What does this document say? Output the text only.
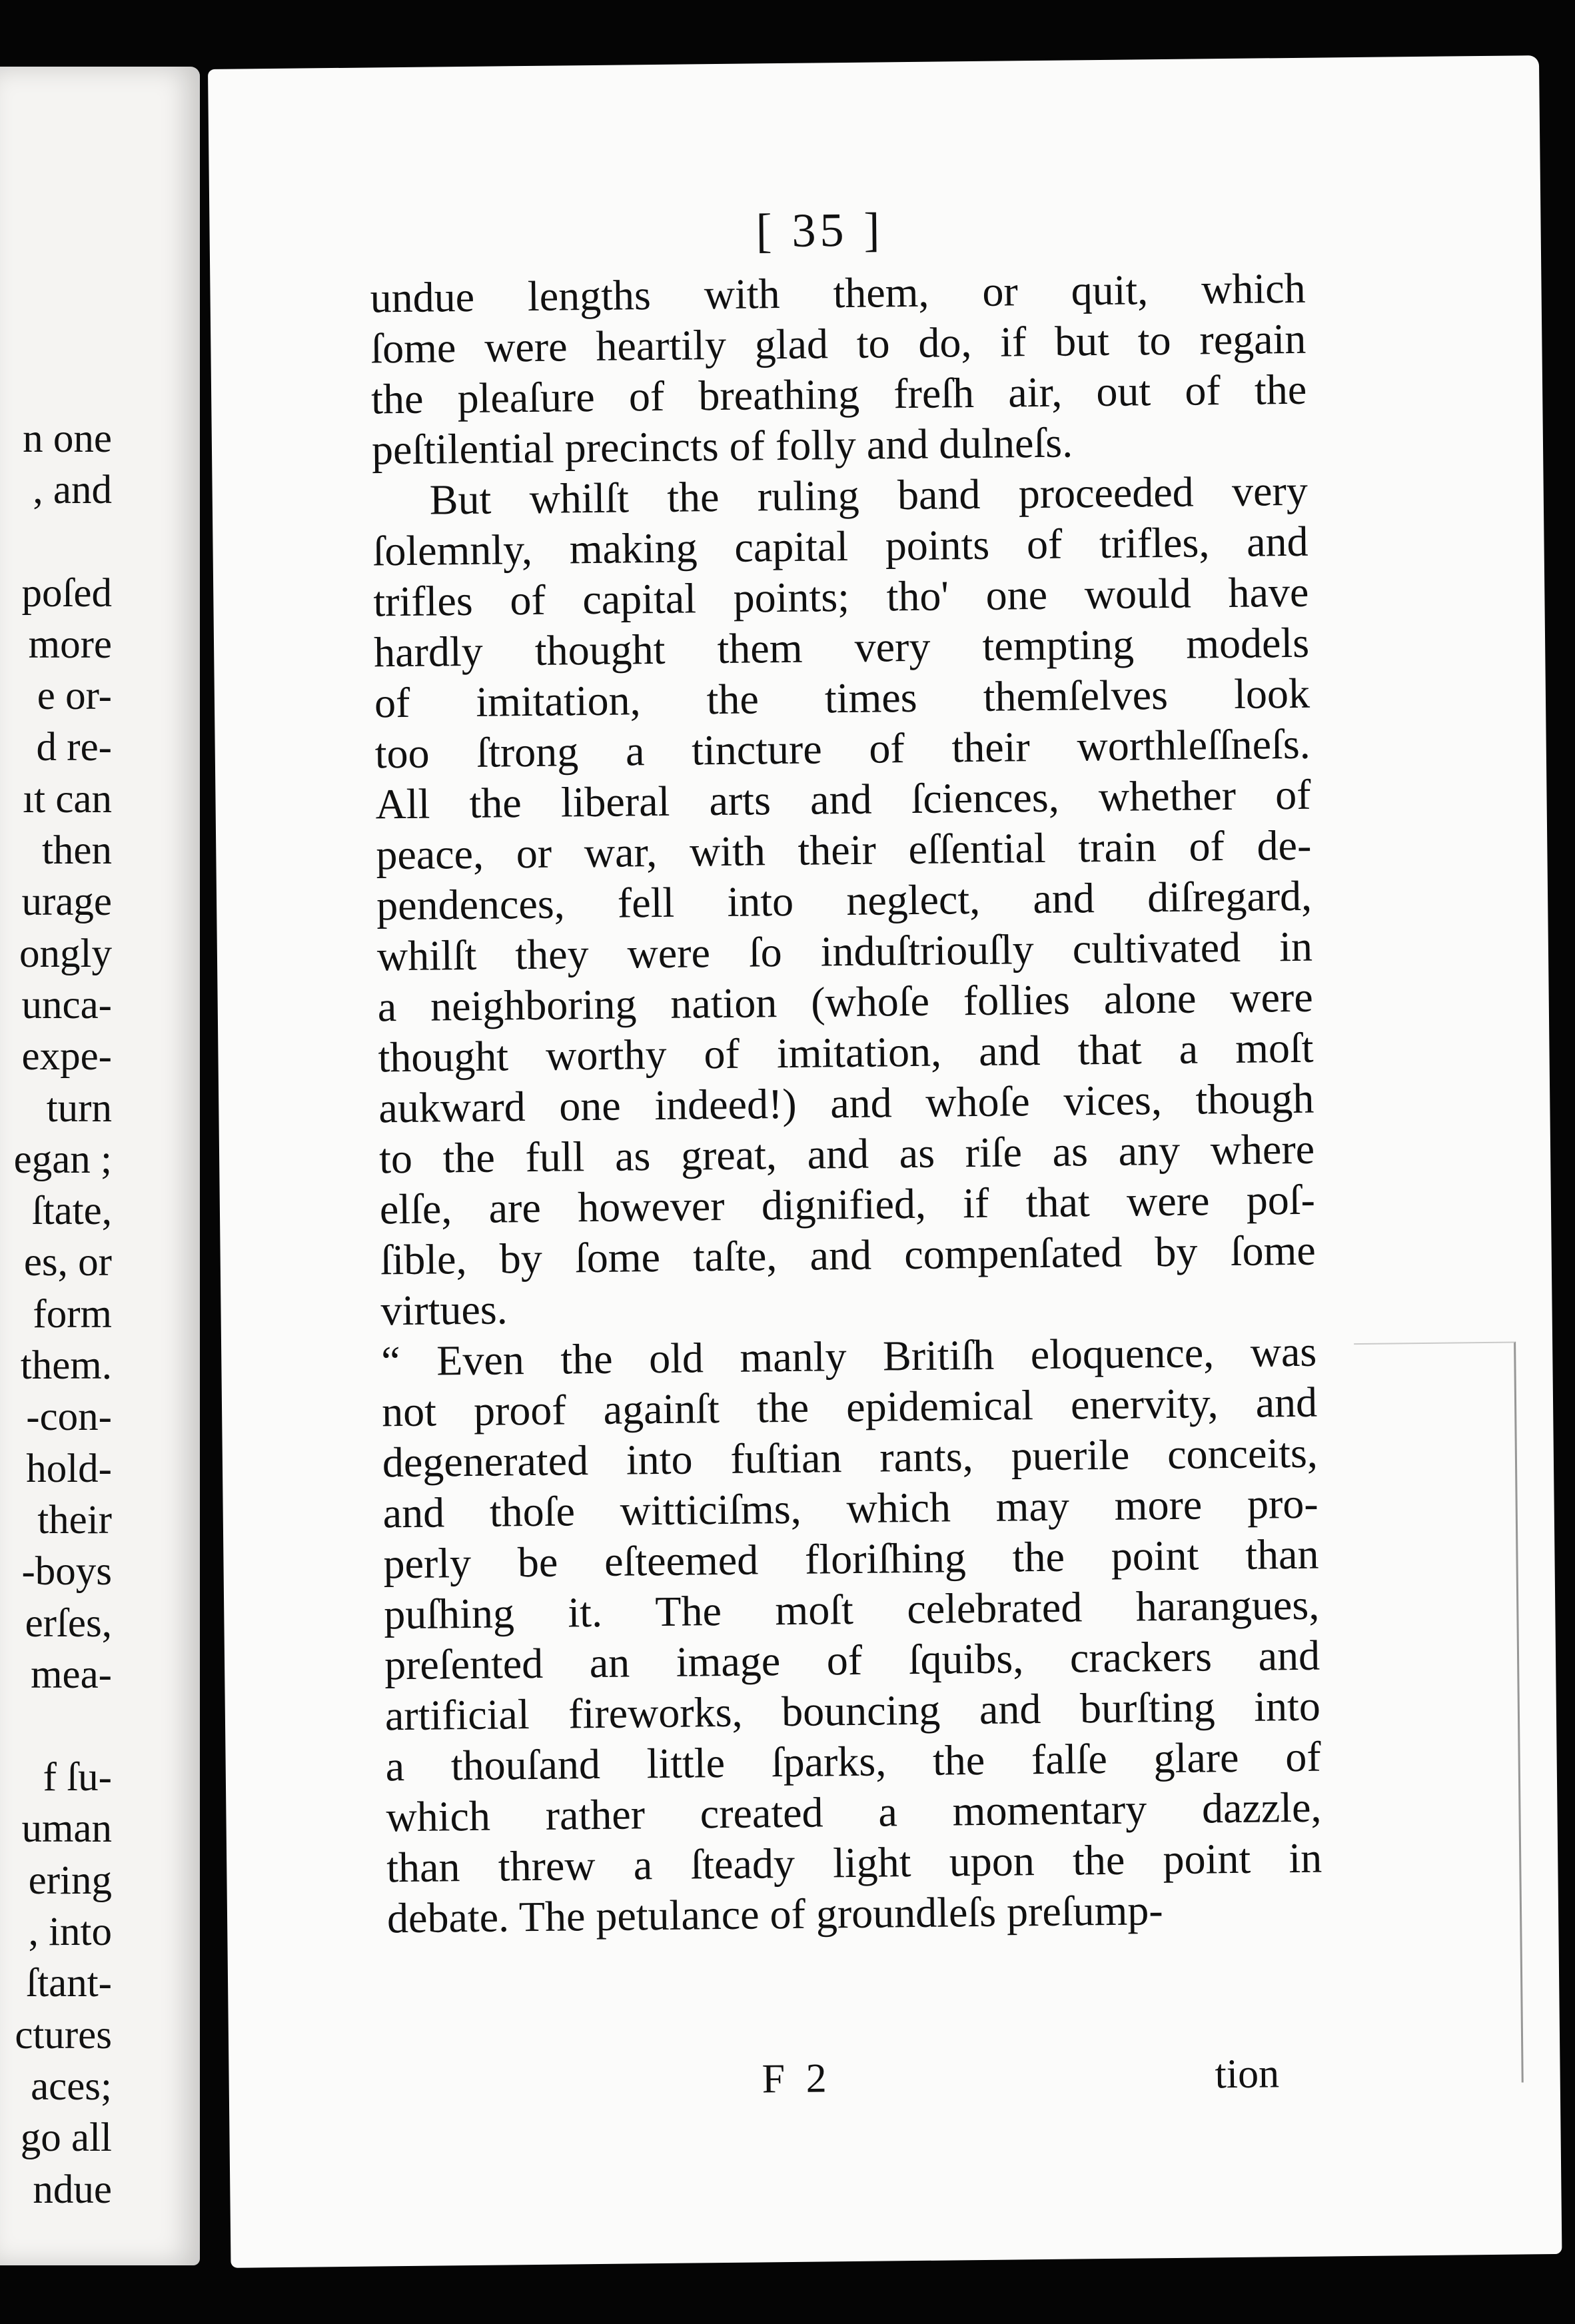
n one
, and
poſed
more
e or-
d re-
ıt can
then
urage
ongly
unca-
expe-
turn
egan ;
ſtate,
es, or
form
them.
-con-
hold-
their
-boys
erſes,
mea-
f ſu-
uman
ering
, into
ſtant-
ctures
aces;
go all
ndue
[ 35 ]
undue lengths with them, or quit, which
ſome were heartily glad to do, if but to regain
the pleaſure of breathing freſh air, out of the
peſtilential precincts of folly and dulneſs.
But whilſt the ruling band proceeded very
ſolemnly, making capital points of trifles, and
trifles of capital points; tho' one would have
hardly thought them very tempting models
of imitation, the times themſelves look
too ſtrong a tincture of their worthleſſneſs.
All the liberal arts and ſciences, whether of
peace, or war, with their eſſential train of de-
pendences, fell into neglect, and diſregard,
whilſt they were ſo induſtriouſly cultivated in
a neighboring nation (whoſe follies alone were
thought worthy of imitation, and that a moſt
aukward one indeed!) and whoſe vices, though
to the full as great, and as riſe as any where
elſe, are however dignified, if that were poſ-
ſible, by ſome taſte, and compenſated by ſome
virtues.
“ Even the old manly Britiſh eloquence, was
not proof againſt the epidemical enervity, and
degenerated into fuſtian rants, puerile conceits,
and thoſe witticiſms, which may more pro-
perly be eſteemed floriſhing the point than
puſhing it. The moſt celebrated harangues,
preſented an image of ſquibs, crackers and
artificial fireworks, bouncing and burſting into
a thouſand little ſparks, the falſe glare of
which rather created a momentary dazzle,
than threw a ſteady light upon the point in
debate. The petulance of groundleſs preſump-
F 2	tion
